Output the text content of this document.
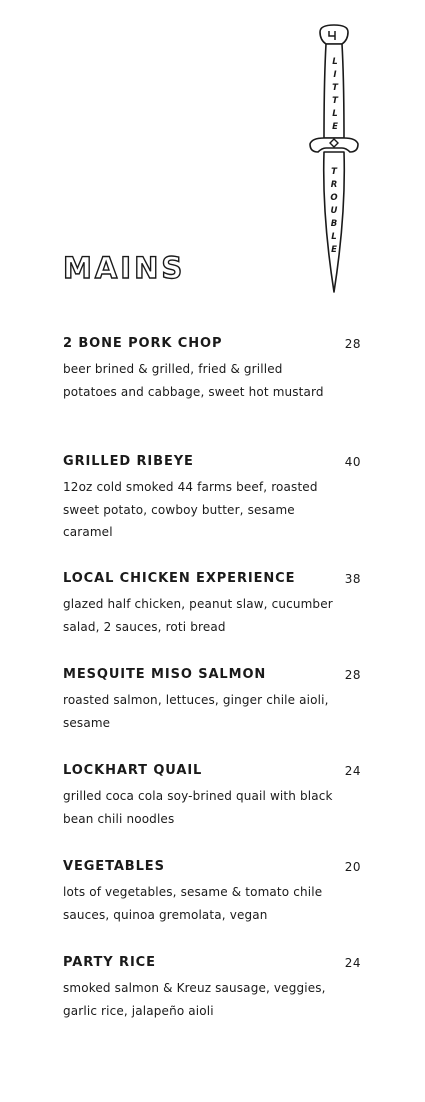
L
I
T
T
L
E
T
R
O
U
B
L
E
MAINS

2 BONE PORK CHOP	28

beer brined & grilled, fried & grilled potatoes and cabbage, sweet hot mustard

GRILLED RIBEYE	40

12oz cold smoked 44 farms beef, roasted sweet potato, cowboy butter, sesame caramel

LOCAL CHICKEN EXPERIENCE	38

glazed half chicken, peanut slaw, cucumber salad, 2 sauces, roti bread

MESQUITE MISO SALMON	28

roasted salmon, lettuces, ginger chile aioli, sesame

LOCKHART QUAIL	24

grilled coca cola soy-brined quail with black bean chili noodles

VEGETABLES	20

lots of vegetables, sesame & tomato chile sauces, quinoa gremolata, vegan

PARTY RICE	24

smoked salmon & Kreuz sausage, veggies, garlic rice, jalapeño aioli
